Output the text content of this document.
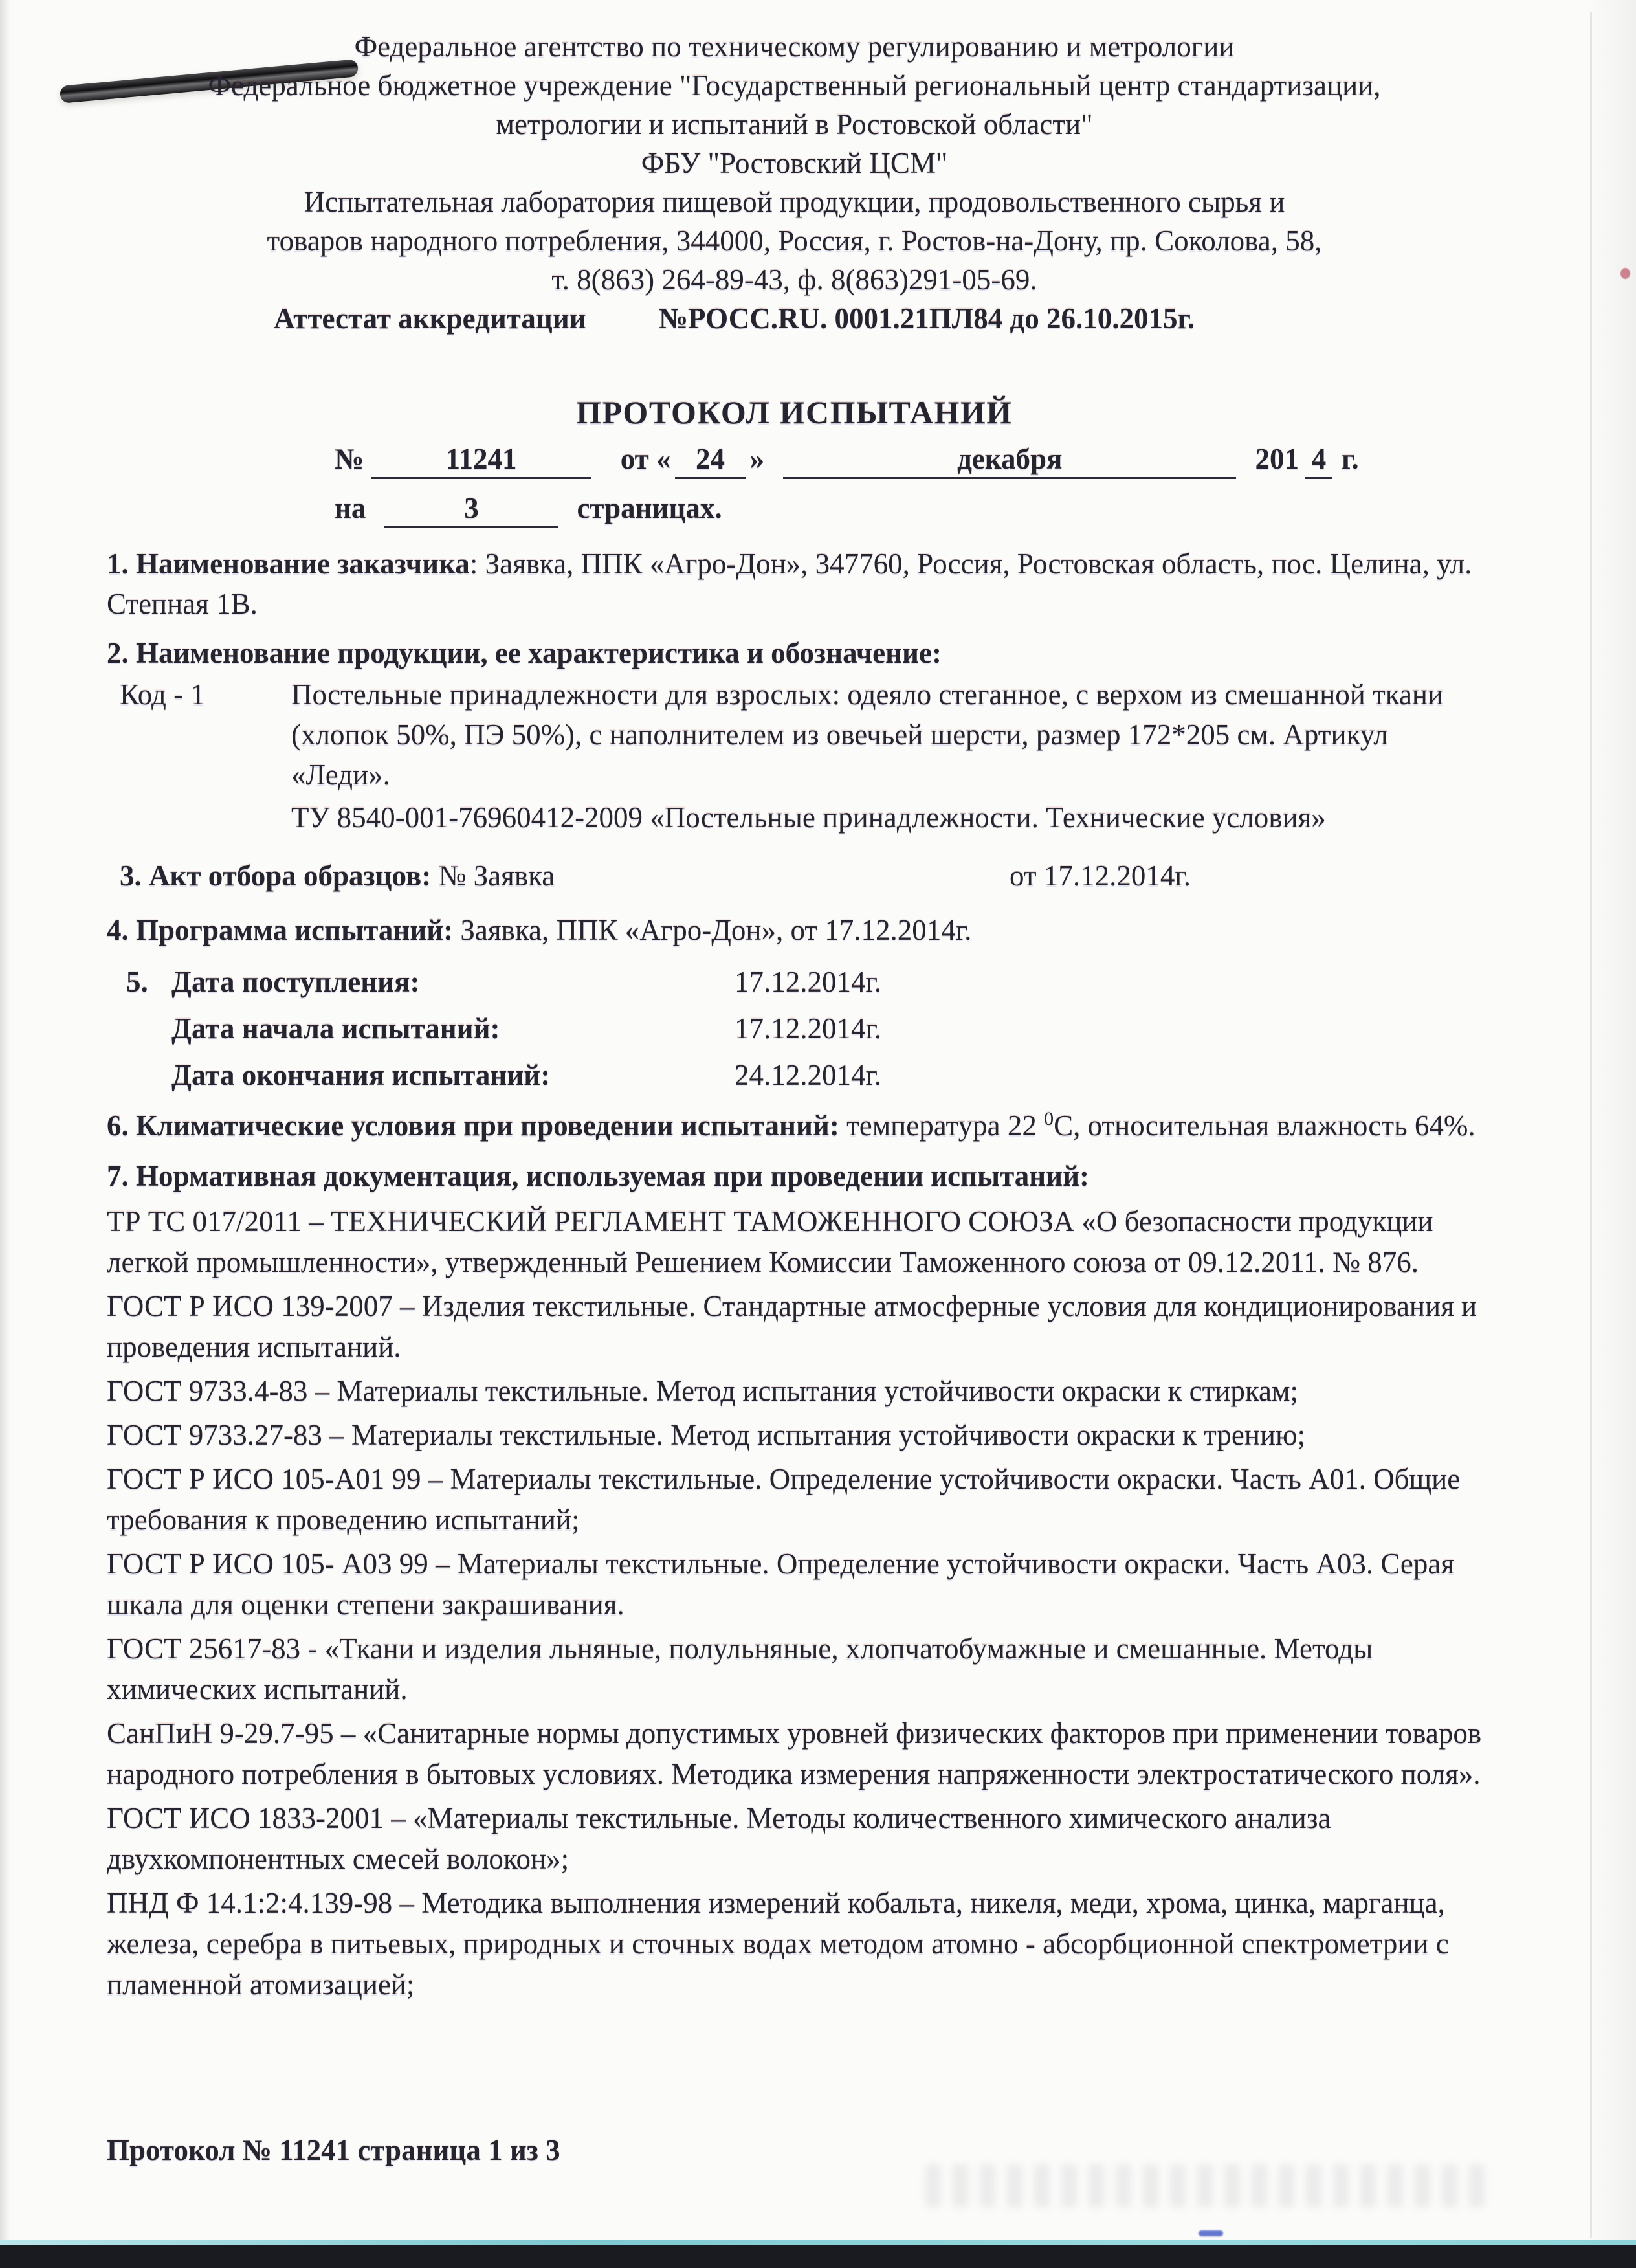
Федеральное агентство по техническому регулированию и метрологии
Федеральное бюджетное учреждение "Государственный региональный центр стандартизации,
метрологии и испытаний в Ростовской области"
ФБУ "Ростовский ЦСМ"
Испытательная лаборатория пищевой продукции, продовольственного сырья и
товаров народного потребления, 344000, Россия, г. Ростов-на-Дону, пр. Соколова, 58,
т. 8(863) 264-89-43, ф. 8(863)291-05-69.
Аттестат аккредитации №РОСС.RU. 0001.21ПЛ84 до 26.10.2015г.
ПРОТОКОЛ ИСПЫТАНИЙ
№	11241	от « 24 »	декабря	201 4 г.
на	3	страницах.

1. Наименование заказчика: Заявка, ППК «Агро-Дон», 347760, Россия, Ростовская область, пос. Целина, ул. Степная 1В.

2. Наименование продукции, ее характеристика и обозначение:

Код - 1	Постельные принадлежности для взрослых: одеяло стеганное, с верхом из смешанной ткани (хлопок 50%, ПЭ 50%), с наполнителем из овечьей шерсти, размер 172*205 см. Артикул «Леди».
ТУ 8540-001-76960412-2009 «Постельные принадлежности. Технические условия»

3. Акт отбора образцов: № Заявка	от 17.12.2014г.

4. Программа испытаний: Заявка, ППК «Агро-Дон», от 17.12.2014г.

5. Дата поступления:	17.12.2014г.
Дата начала испытаний:	17.12.2014г.
Дата окончания испытаний:	24.12.2014г.

6. Климатические условия при проведении испытаний: температура 22 $^0$С, относительная влажность 64%.

7. Нормативная документация, используемая при проведении испытаний:

ТР ТС 017/2011 – ТЕХНИЧЕСКИЙ РЕГЛАМЕНТ ТАМОЖЕННОГО СОЮЗА «О безопасности продукции легкой промышленности», утвержденный Решением Комиссии Таможенного союза от 09.12.2011. № 876.

ГОСТ Р ИСО 139-2007 – Изделия текстильные. Стандартные атмосферные условия для кондиционирования и проведения испытаний.

ГОСТ 9733.4-83 – Материалы текстильные. Метод испытания устойчивости окраски к стиркам;

ГОСТ 9733.27-83 – Материалы текстильные. Метод испытания устойчивости окраски к трению;

ГОСТ Р ИСО 105-А01 99 – Материалы текстильные. Определение устойчивости окраски. Часть А01. Общие требования к проведению испытаний;

ГОСТ Р ИСО 105- А03 99 – Материалы текстильные. Определение устойчивости окраски. Часть А03. Серая шкала для оценки степени закрашивания.

ГОСТ 25617-83 - «Ткани и изделия льняные, полульняные, хлопчатобумажные и смешанные. Методы химических испытаний.

СанПиН 9-29.7-95 – «Санитарные нормы допустимых уровней физических факторов при применении товаров народного потребления в бытовых условиях. Методика измерения напряженности электростатического поля».

ГОСТ ИСО 1833-2001 – «Материалы текстильные. Методы количественного химического анализа двухкомпонентных смесей волокон»;

ПНД Ф 14.1:2:4.139-98 – Методика выполнения измерений кобальта, никеля, меди, хрома, цинка, марганца, железа, серебра в питьевых, природных и сточных водах методом атомно - абсорбционной спектрометрии с пламенной атомизацией;

Протокол № 11241 страница 1 из 3
